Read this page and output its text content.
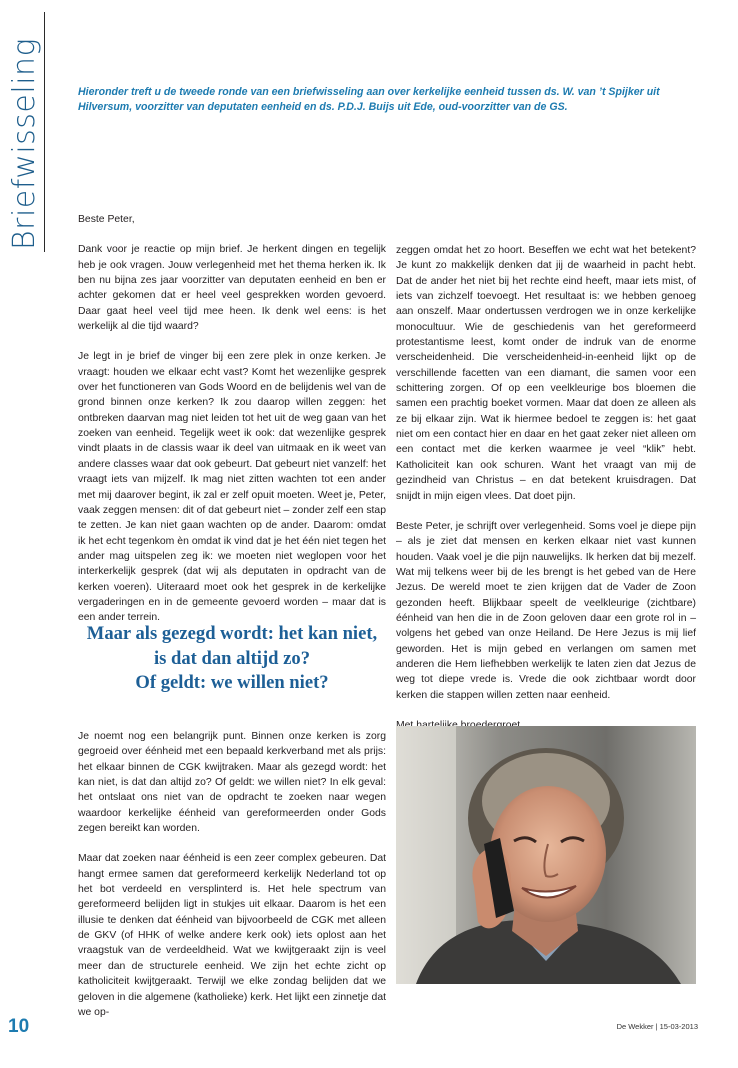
Briefwisseling	Hieronder treft u de tweede ronde van een briefwisseling aan over kerkelijke eenheid tussen ds. W. van ’t Spijker uit Hilversum, voorzitter van deputaten eenheid en ds. P.D.J. Buijs uit Ede, oud-voorzitter van de GS.

Beste Peter,

Dank voor je reactie op mijn brief. Je herkent dingen en tegelijk heb je ook vragen. Jouw verlegenheid met het thema herken ik. Ik ben nu bijna zes jaar voorzitter van deputaten eenheid en ben er achter gekomen dat er heel veel gesprekken worden gevoerd. Daar gaat heel veel tijd mee heen. Ik denk wel eens: is het werkelijk al die tijd waard?

Je legt in je brief de vinger bij een zere plek in onze kerken. Je vraagt: houden we elkaar echt vast? Komt het wezenlijke gesprek over het functioneren van Gods Woord en de belijdenis wel van de grond binnen onze kerken? Ik zou daarop willen zeggen: het ontbreken daarvan mag niet leiden tot het uit de weg gaan van het zoeken van eenheid. Tegelijk weet ik ook: dat wezenlijke gesprek vindt plaats in de classis waar ik deel van uitmaak en ik weet van andere classes waar dat ook gebeurt. Dat gebeurt niet vanzelf: het vraagt iets van mijzelf. Ik mag niet zitten wachten tot een ander met mij daarover begint, ik zal er zelf opuit moeten. Weet je, Peter, vaak zeggen mensen: dit of dat gebeurt niet – zonder zelf een stap te zetten. Je kan niet gaan wachten op de ander. Daarom: omdat ik het echt tegenkom èn omdat ik vind dat je het één niet tegen het ander mag uitspelen zeg ik: we moeten niet weglopen voor het interkerkelijk gesprek (dat wij als deputaten in opdracht van de kerken voeren). Uiteraard moet ook het gesprek in de kerkelijke vergaderingen en in de gemeente gevoerd worden – maar dat is een ander terrein.

Maar als gezegd wordt: het kan niet,
is dat dan altijd zo?
Of geldt: we willen niet?

Je noemt nog een belangrijk punt. Binnen onze kerken is zorg gegroeid over éénheid met een bepaald kerkverband met als prijs: het elkaar binnen de CGK kwijtraken. Maar als gezegd wordt: het kan niet, is dat dan altijd zo? Of geldt: we willen niet? In elk geval: het ontslaat ons niet van de opdracht te zoeken naar wegen waardoor kerkelijke éénheid van gereformeerden onder Gods zegen bereikt kan worden.

Maar dat zoeken naar éénheid is een zeer complex gebeuren. Dat hangt ermee samen dat gereformeerd kerkelijk Nederland tot op het bot verdeeld en versplinterd is. Het hele spectrum van gereformeerd belijden ligt in stukjes uit elkaar. Daarom is het een illusie te denken dat éénheid van bijvoorbeeld de CGK met alleen de GKV (of HHK of welke andere kerk ook) iets oplost aan het vraagstuk van de verdeeldheid. Wat we kwijtgeraakt zijn is veel meer dan de structurele eenheid. We zijn het echte zicht op katholiciteit kwijtgeraakt. Terwijl we elke zondag belijden dat we geloven in die algemene (katholieke) kerk. Het lijkt een zinnetje dat we op-

zeggen omdat het zo hoort. Beseffen we echt wat het betekent? Je kunt zo makkelijk denken dat jij de waarheid in pacht hebt. Dat de ander het niet bij het rechte eind heeft, maar iets mist, of iets van zichzelf toevoegt. Het resultaat is: we hebben genoeg aan onszelf. Maar ondertussen verdrogen we in onze kerkelijke monocultuur. Wie de geschiedenis van het gereformeerd protestantisme leest, komt onder de indruk van de enorme verscheidenheid. Die verscheidenheid-in-eenheid lijkt op de verschillende facetten van een diamant, die samen voor een schittering zorgen. Of op een veelkleurige bos bloemen die samen een prachtig boeket vormen. Maar dat doen ze alleen als ze bij elkaar zijn. Wat ik hiermee bedoel te zeggen is: het gaat niet om een contact hier en daar en het gaat zeker niet alleen om een contact met die kerken waarmee je veel “klik” hebt. Katholiciteit kan ook schuren. Want het vraagt van mij de gezindheid van Christus – en dat betekent kruisdragen. Dat snijdt in mijn eigen vlees. Dat doet pijn.

Beste Peter, je schrijft over verlegenheid. Soms voel je diepe pijn – als je ziet dat mensen en kerken elkaar niet vast kunnen houden. Vaak voel je die pijn nauwelijks. Ik herken dat bij mezelf. Wat mij telkens weer bij de les brengt is het gebed van de Here Jezus. De wereld moet te zien krijgen dat de Vader de Zoon gezonden heeft. Blijkbaar speelt de veelkleurige (zichtbare) éénheid van hen die in de Zoon geloven daar een grote rol in – volgens het gebed van onze Heiland. De Here Jezus is mij lief geworden. Het is mijn gebed en verlangen om samen met anderen die Hem liefhebben werkelijk te laten zien dat Jezus de weg tot diepe vrede is. Vrede die ook zichtbaar wordt door kerken die stappen willen zetten naar eenheid.

10	De Wekker | 15-03-2013
